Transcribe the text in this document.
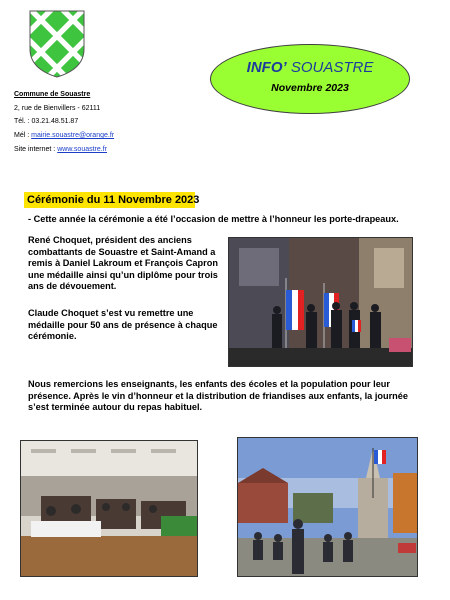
Commune de Souastre
2, rue de Bienvillers - 62111
Tél. : 03.21.48.51.87
Mél : mairie.souastre@orange.fr
Site internet : www.souastre.fr
INFO’ SOUASTRE
Novembre 2023
Cérémonie du 11 Novembre 2023
- Cette année la cérémonie a été l’occasion de mettre à l’honneur les porte-drapeaux.
René Choquet, président des anciens combattants de Souastre et Saint-Amand a remis à Daniel Lakroum et François Capron une médaille ainsi qu’un diplôme pour trois ans de dévouement.
Claude Choquet s’est vu remettre une médaille pour 50 ans de présence à chaque cérémonie.
Nous remercions les enseignants, les enfants des écoles et la population pour leur présence. Après le vin d’honneur et la distribution de friandises aux enfants, la journée s’est terminée autour du repas habituel.
